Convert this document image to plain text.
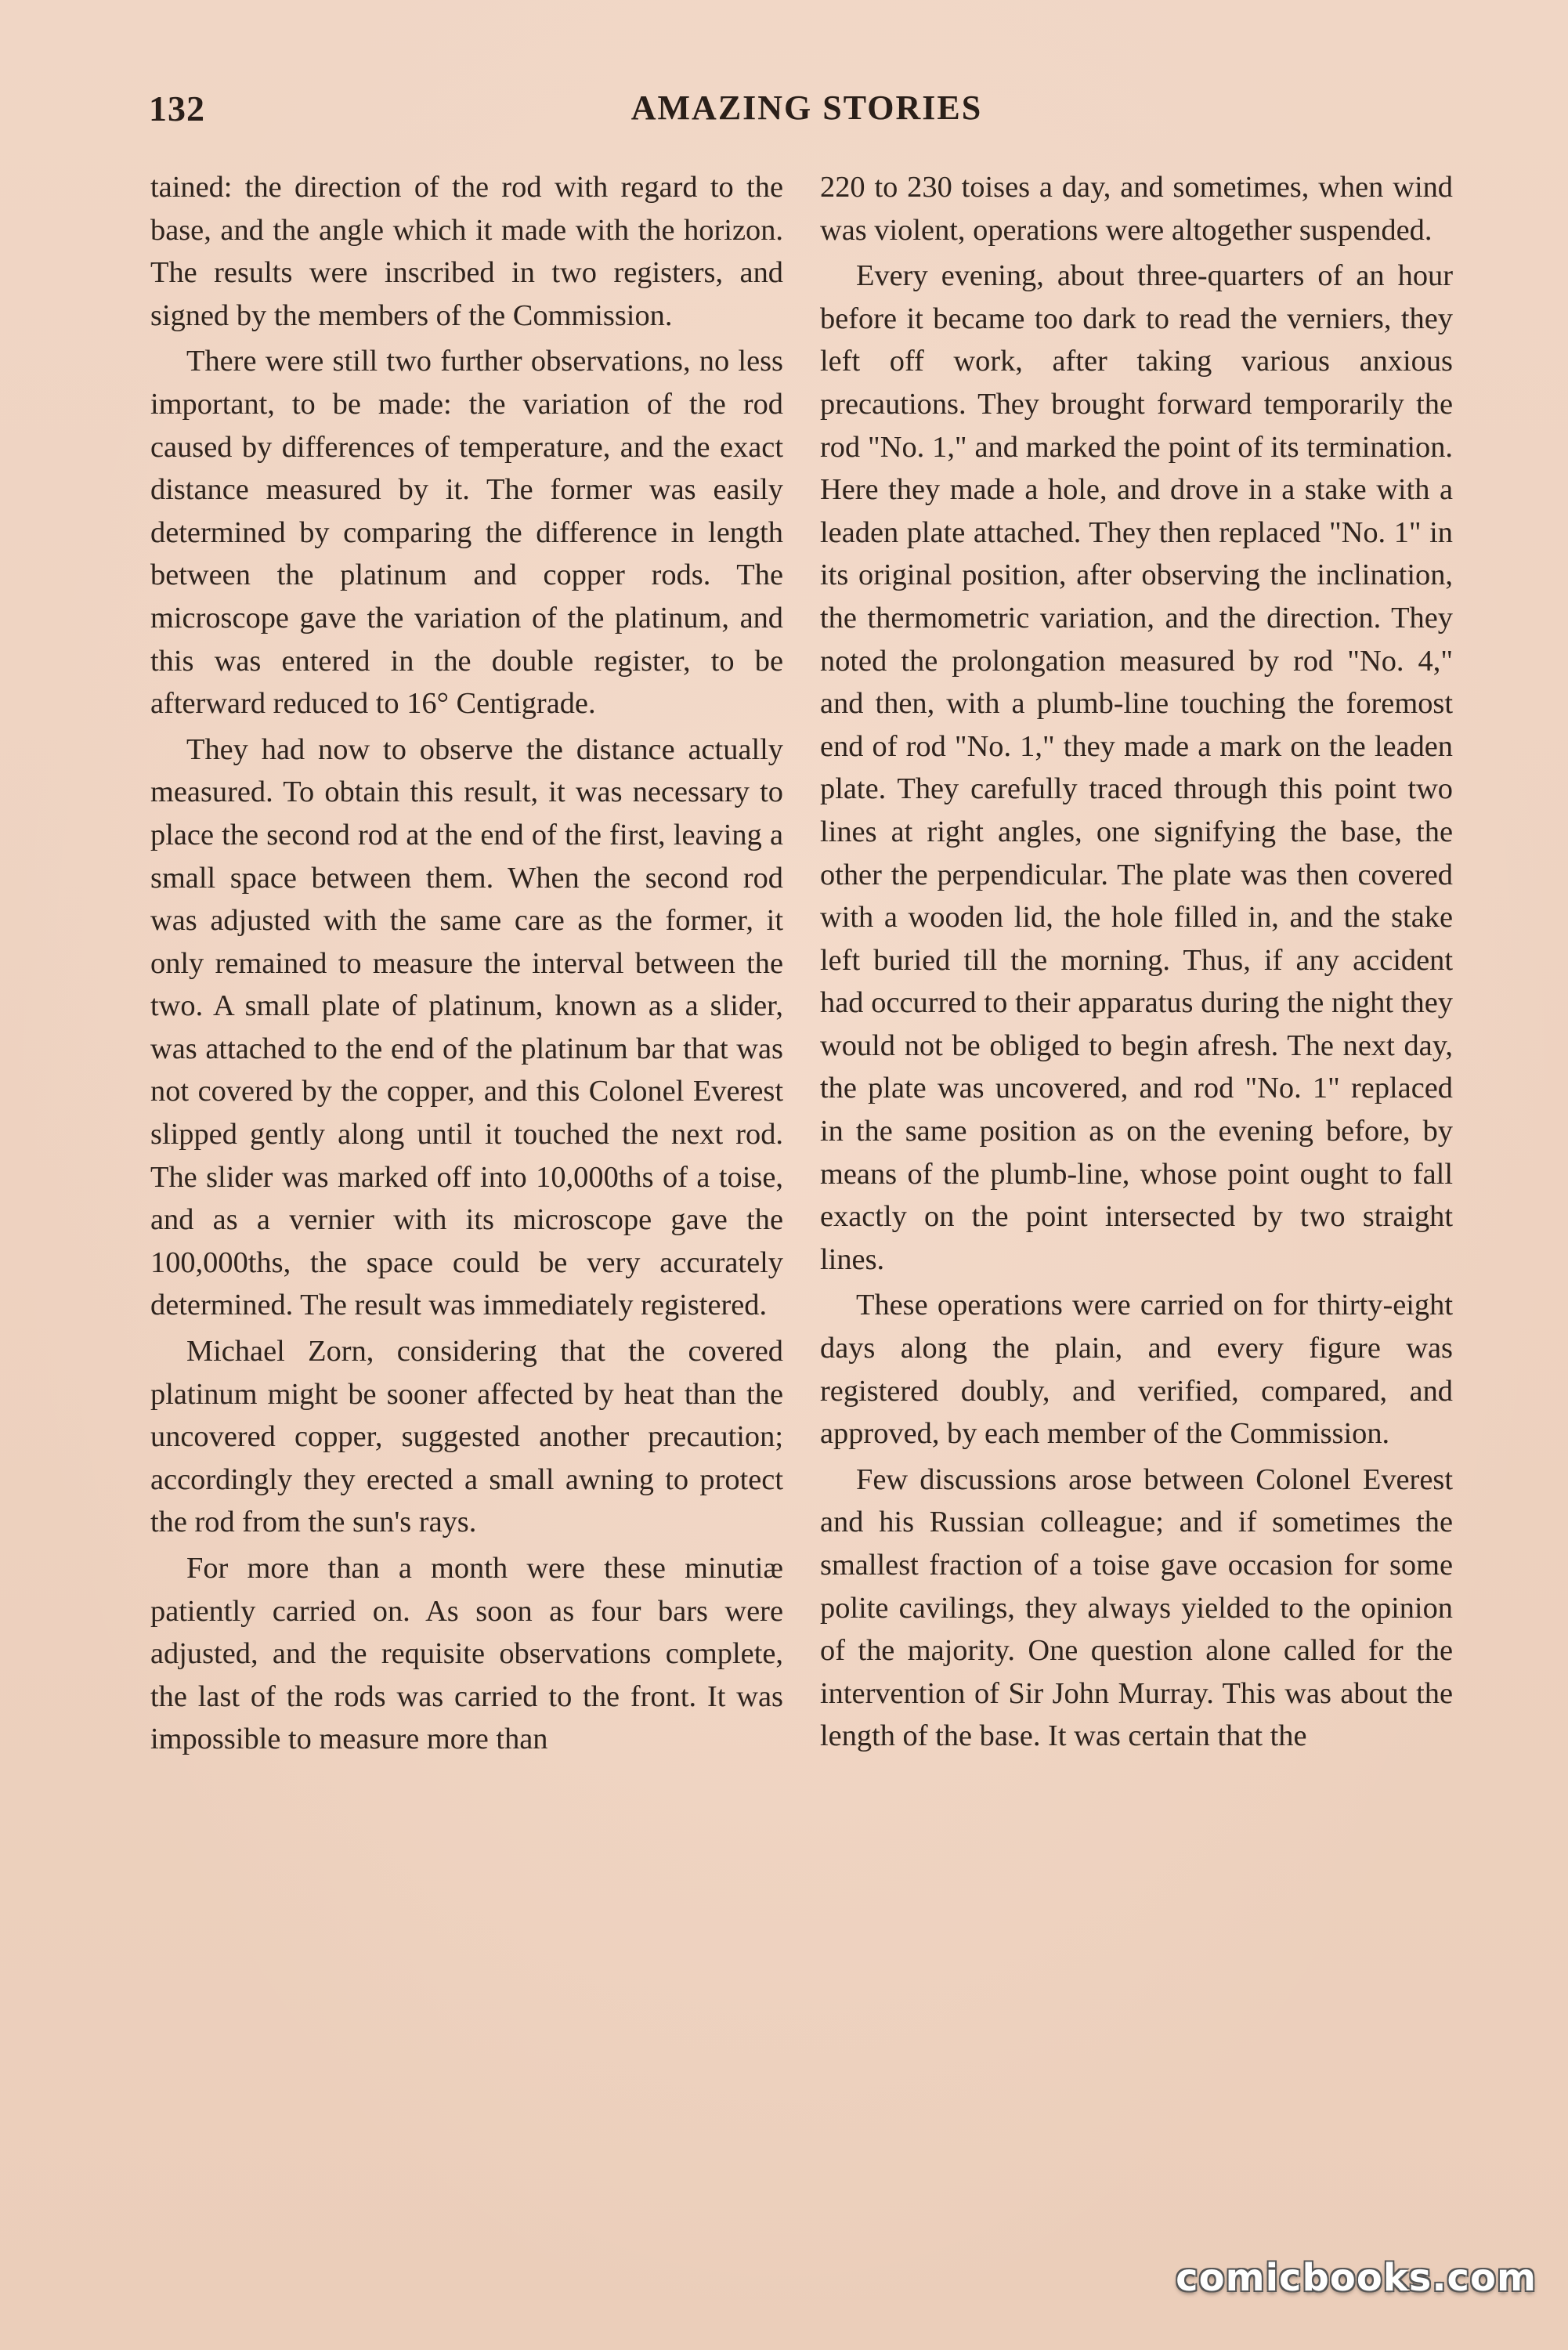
AMAZING STORIES
132

tained: the direction of the rod with regard to the base, and the angle which it made with the horizon. The results were inscribed in two registers, and signed by the members of the Commission.

There were still two further observations, no less important, to be made: the variation of the rod caused by differences of temperature, and the exact distance measured by it. The former was easily determined by comparing the difference in length between the platinum and copper rods. The microscope gave the variation of the platinum, and this was entered in the double register, to be afterward reduced to 16° Centigrade.

They had now to observe the distance actually measured. To obtain this result, it was necessary to place the second rod at the end of the first, leaving a small space between them. When the second rod was adjusted with the same care as the former, it only remained to measure the interval between the two. A small plate of platinum, known as a slider, was attached to the end of the platinum bar that was not covered by the copper, and this Colonel Everest slipped gently along until it touched the next rod. The slider was marked off into 10,000ths of a toise, and as a vernier with its microscope gave the 100,000ths, the space could be very accurately determined. The result was immediately registered.

Michael Zorn, considering that the covered platinum might be sooner affected by heat than the uncovered copper, suggested another precaution; accordingly they erected a small awning to protect the rod from the sun's rays.

For more than a month were these minutiæ patiently carried on. As soon as four bars were adjusted, and the requisite observations complete, the last of the rods was carried to the front. It was impossible to measure more than

220 to 230 toises a day, and sometimes, when wind was violent, operations were altogether suspended.

Every evening, about three-quarters of an hour before it became too dark to read the verniers, they left off work, after taking various anxious precautions. They brought forward temporarily the rod "No. 1," and marked the point of its termination. Here they made a hole, and drove in a stake with a leaden plate attached. They then replaced "No. 1" in its original position, after observing the inclination, the thermometric variation, and the direction. They noted the prolongation measured by rod "No. 4," and then, with a plumb-line touching the foremost end of rod "No. 1," they made a mark on the leaden plate. They carefully traced through this point two lines at right angles, one signifying the base, the other the perpendicular. The plate was then covered with a wooden lid, the hole filled in, and the stake left buried till the morning. Thus, if any accident had occurred to their apparatus during the night they would not be obliged to begin afresh. The next day, the plate was uncovered, and rod "No. 1" replaced in the same position as on the evening before, by means of the plumb-line, whose point ought to fall exactly on the point intersected by two straight lines.

These operations were carried on for thirty-eight days along the plain, and every figure was registered doubly, and verified, compared, and approved, by each member of the Commission.

Few discussions arose between Colonel Everest and his Russian colleague; and if sometimes the smallest fraction of a toise gave occasion for some polite cavilings, they always yielded to the opinion of the majority. One question alone called for the intervention of Sir John Murray. This was about the length of the base. It was certain that the

comicbooks.com
